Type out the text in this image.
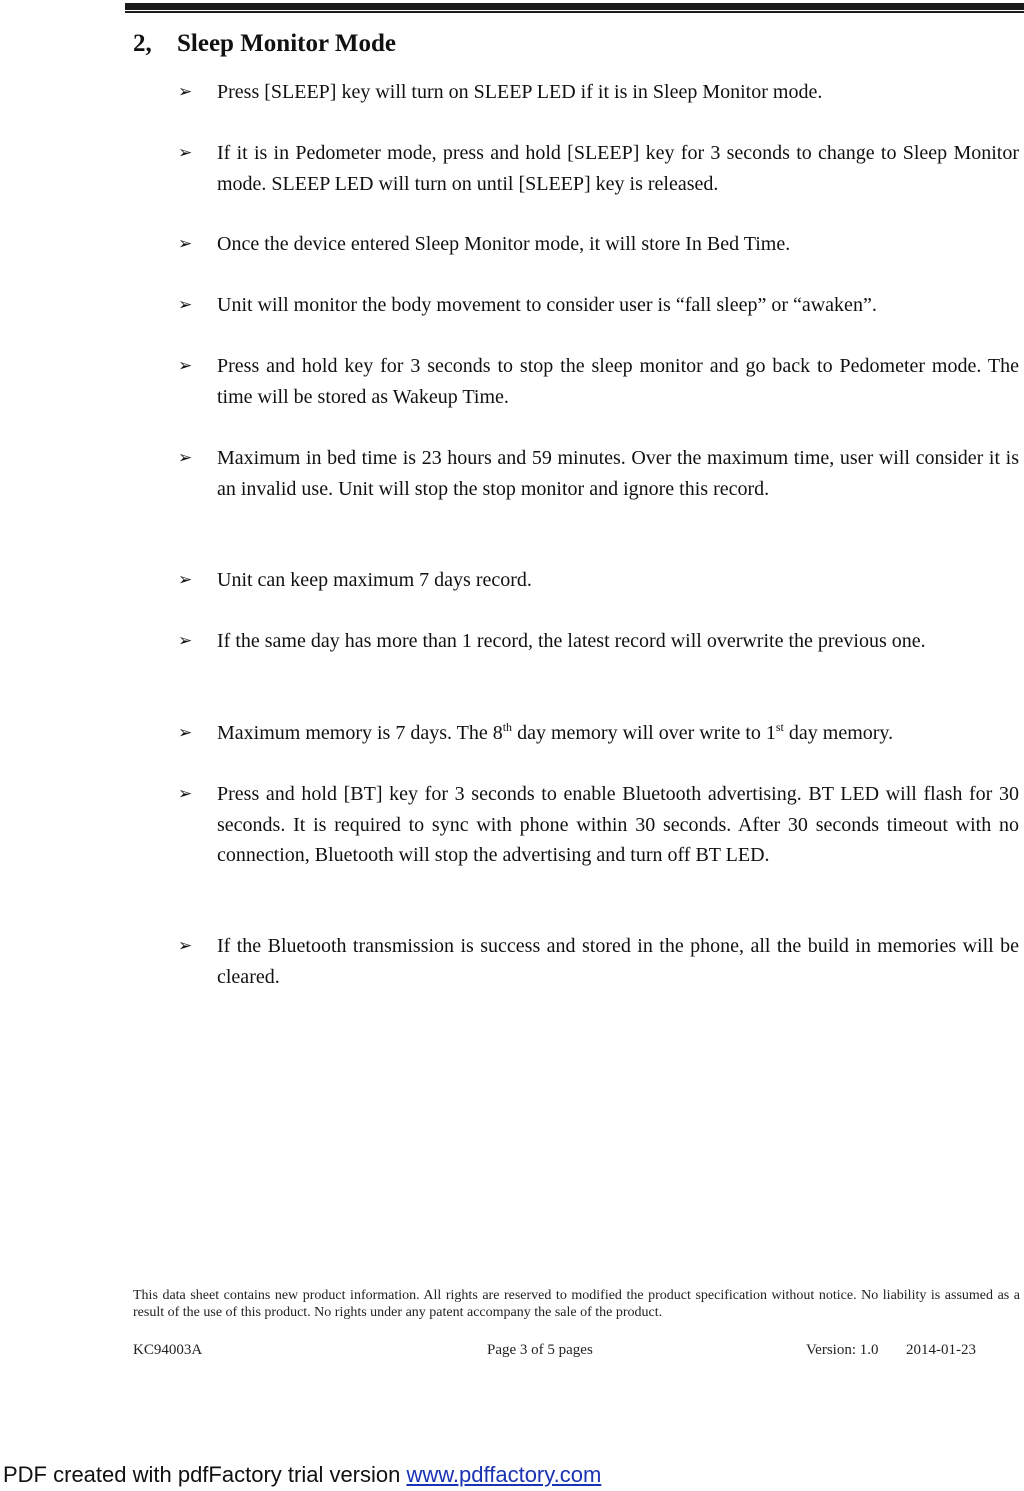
2, Sleep Monitor Mode
➢ Press [SLEEP] key will turn on SLEEP LED if it is in Sleep Monitor mode.
➢ If it is in Pedometer mode, press and hold [SLEEP] key for 3 seconds to change to Sleep Monitor mode. SLEEP LED will turn on until [SLEEP] key is released.
➢ Once the device entered Sleep Monitor mode, it will store In Bed Time.
➢ Unit will monitor the body movement to consider user is “fall sleep” or “awaken”.
➢ Press and hold key for 3 seconds to stop the sleep monitor and go back to Pedometer mode. The time will be stored as Wakeup Time.
➢ Maximum in bed time is 23 hours and 59 minutes. Over the maximum time, user will consider it is an invalid use. Unit will stop the stop monitor and ignore this record.
➢ Unit can keep maximum 7 days record.
➢ If the same day has more than 1 record, the latest record will overwrite the previous one.
➢ Maximum memory is 7 days. The 8th day memory will over write to 1st day memory.
➢ Press and hold [BT] key for 3 seconds to enable Bluetooth advertising. BT LED will flash for 30 seconds. It is required to sync with phone within 30 seconds. After 30 seconds timeout with no connection, Bluetooth will stop the advertising and turn off BT LED.
➢ If the Bluetooth transmission is success and stored in the phone, all the build in memories will be cleared.
This data sheet contains new product information. All rights are reserved to modified the product specification without notice. No liability is assumed as a result of the use of this product. No rights under any patent accompany the sale of the product.
KC94003A	Page 3 of 5 pages	Version: 1.0 2014-01-23
PDF created with pdfFactory trial version www.pdffactory.com
